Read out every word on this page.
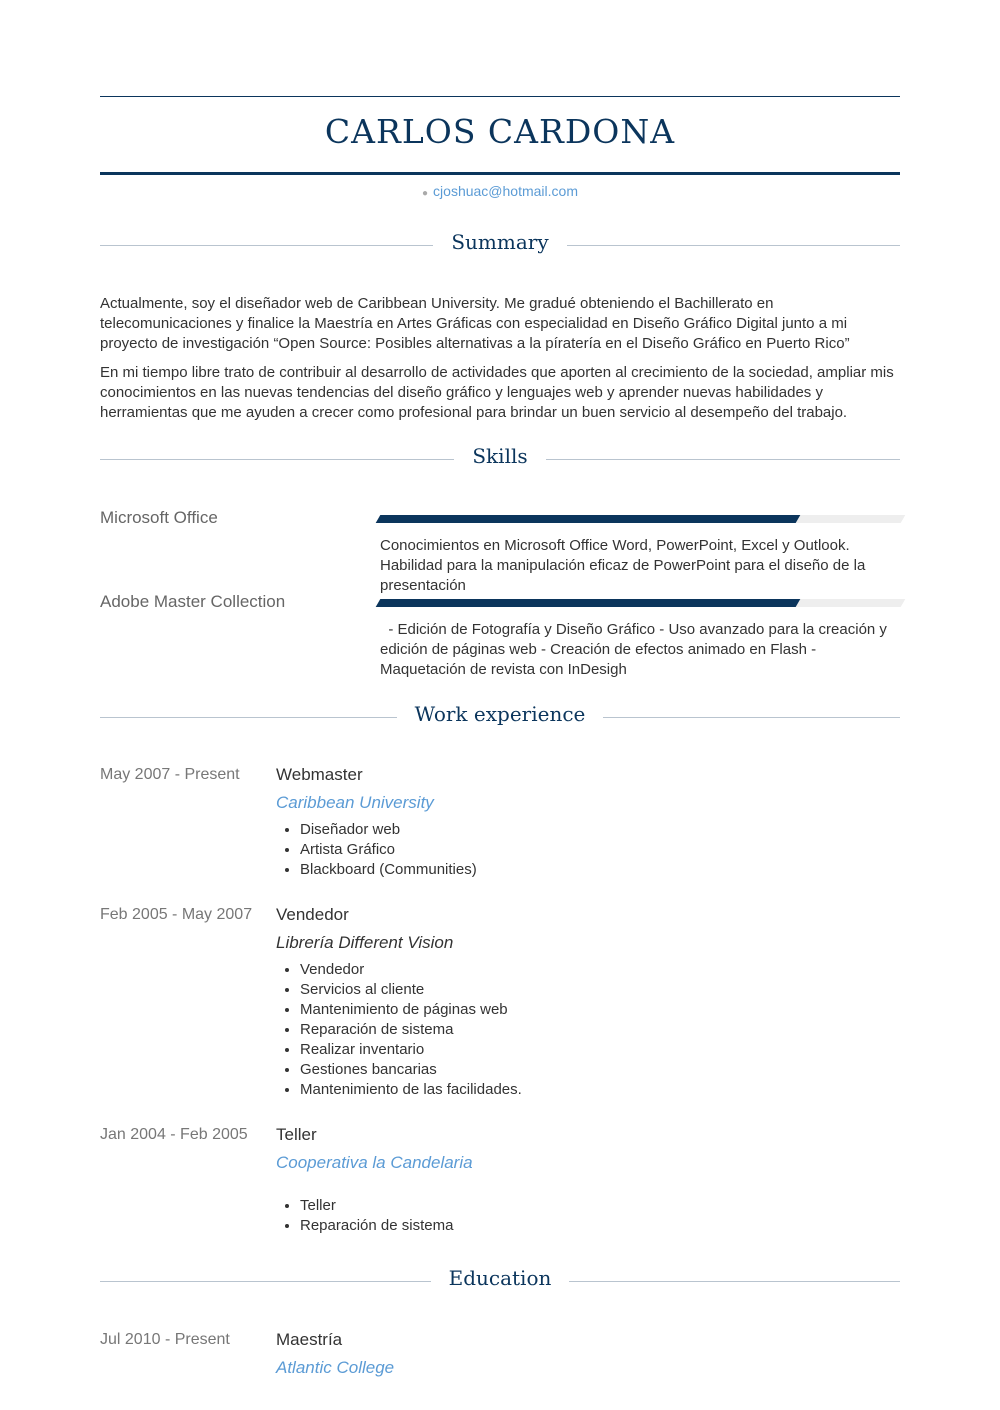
CARLOS CARDONA
● cjoshuac@hotmail.com
Summary

Actualmente, soy el diseñador web de Caribbean University. Me gradué obteniendo el Bachillerato en telecomunicaciones y finalice la Maestría en Artes Gráficas con especialidad en Diseño Gráfico Digital junto a mi proyecto de investigación “Open Source: Posibles alternativas a la píratería en el Diseño Gráfico en Puerto Rico”

En mi tiempo libre trato de contribuir al desarrollo de actividades que aporten al crecimiento de la sociedad, ampliar mis conocimientos en las nuevas tendencias del diseño gráfico y lenguajes web y aprender nuevas habilidades y herramientas que me ayuden a crecer como profesional para brindar un buen servicio al desempeño del trabajo.

Skills
Microsoft Office
Conocimientos en Microsoft Office Word, PowerPoint, Excel y Outlook. Habilidad para la manipulación eficaz de PowerPoint para el diseño de la presentación
Adobe Master Collection
- Edición de Fotografía y Diseño Gráfico - Uso avanzado para la creación y edición de páginas web - Creación de efectos animado en Flash - Maquetación de revista con InDesigh
Work experience
May 2007 - Present Webmaster
Caribbean University
• Diseñador web
• Artista Gráfico
• Blackboard (Communities)
Feb 2005 - May 2007 Vendedor
Librería Different Vision
• Vendedor
• Servicios al cliente
• Mantenimiento de páginas web
• Reparación de sistema
• Realizar inventario
• Gestiones bancarias
• Mantenimiento de las facilidades.
Jan 2004 - Feb 2005 Teller
Cooperativa la Candelaria
• Teller
• Reparación de sistema
Education
Jul 2010 - Present	Maestría
Atlantic College
